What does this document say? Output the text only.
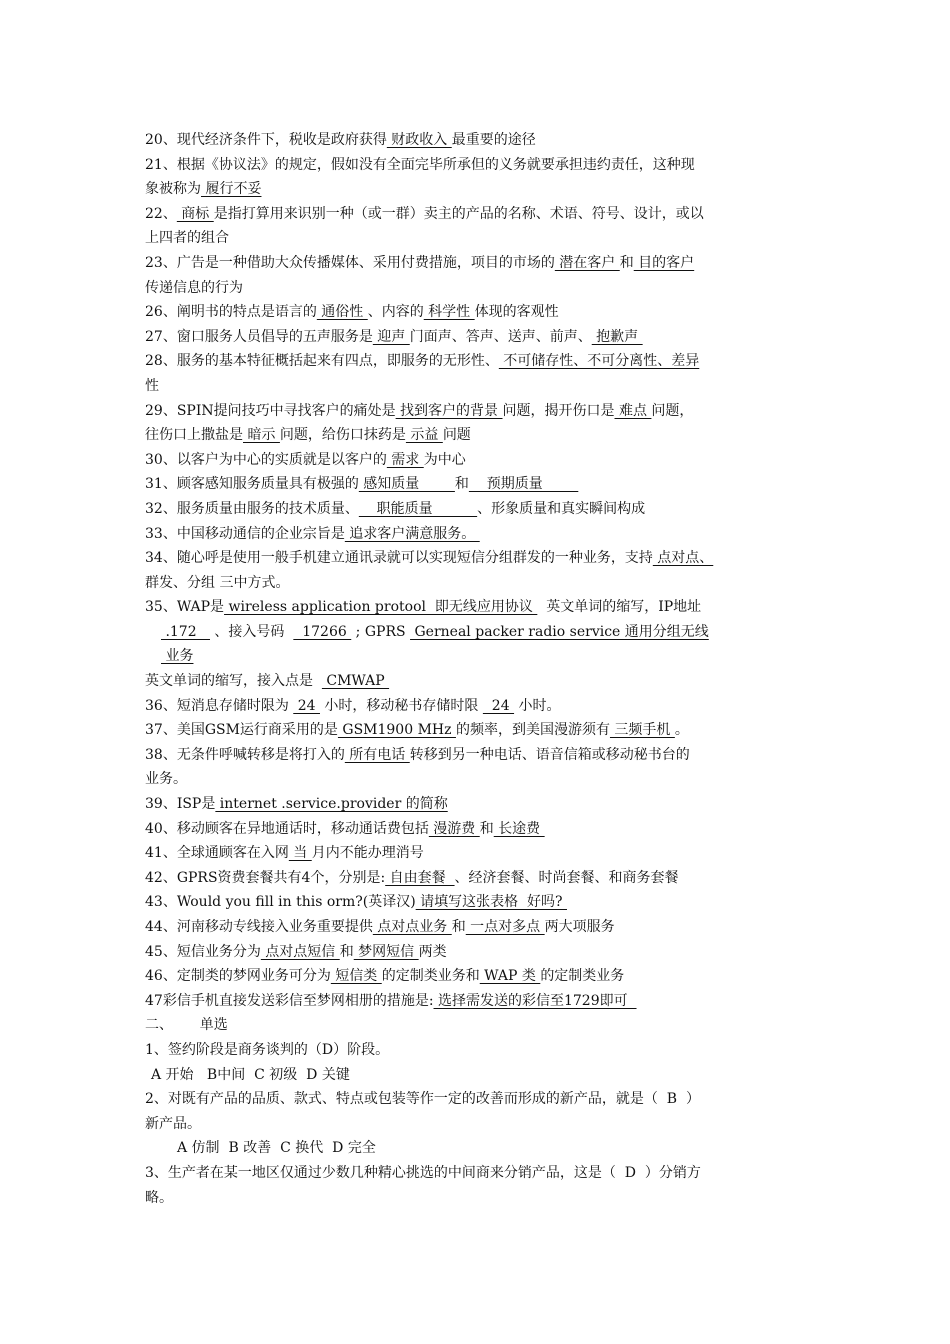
20、现代经济条件下，税收是政府获得 财政收入 最重要的途径
21、根据《协议法》的规定，假如没有全面完毕所承但的义务就要承担违约责任，这种现
象被称为 履行不妥
22、 商标 是指打算用来识别一种（或一群）卖主的产品的名称、术语、符号、设计，或以
上四者的组合
23、广告是一种借助大众传播媒体、采用付费措施，项目的市场的 潜在客户 和 目的客户
传递信息的行为
26、阐明书的特点是语言的 通俗性 、内容的 科学性 体现的客观性
27、窗口服务人员倡导的五声服务是 迎声 门面声、答声、送声、前声、 抱歉声
28、服务的基本特征概括起来有四点，即服务的无形性、 不可储存性、不可分离性、差异
性
29、SPIN提问技巧中寻找客户的痛处是 找到客户的背景 问题，揭开伤口是 难点 问题，
往伤口上撒盐是 暗示 问题，给伤口抹药是 示益 问题
30、以客户为中心的实质就是以客户的 需求 为中心
31、顾客感知服务质量具有极强的 感知质量        和    预期质量
32、服务质量由服务的技术质量、    职能质量          、形象质量和真实瞬间构成
33、中国移动通信的企业宗旨是 追求客户满意服务。
34、随心呼是使用一般手机建立通讯录就可以实现短信分组群发的一种业务，支持 点对点、
群发、分组 三中方式。
35、WAP是 wireless application protool  即无线应用协议   英文单词的缩写，IP地址
.172    、接入号码    17266  ; GPRS  Gerneal packer radio service 通用分组无线
业务
英文单词的缩写，接入点是   CMWAP
36、短消息存储时限为  24  小时，移动秘书存储时限   24  小时。
37、美国GSM运行商采用的是 GSM1900 MHz 的频率，到美国漫游须有 三频手机 。
38、无条件呼喊转移是将打入的 所有电话 转移到另一种电话、语音信箱或移动秘书台的
业务。
39、ISP是 internet .service.provider 的简称
40、移动顾客在异地通话时，移动通话费包括 漫游费 和 长途费
41、全球通顾客在入网 当 月内不能办理消号
42、GPRS资费套餐共有4个，分别是: 自由套餐  、经济套餐、时尚套餐、和商务套餐
43、Would you fill in this orm?(英译汉) 请填写这张表格  好吗?
44、河南移动专线接入业务重要提供 点对点业务 和 一点对多点 两大项服务
45、短信业务分为 点对点短信 和 梦网短信 两类
46、定制类的梦网业务可分为 短信类 的定制类业务和 WAP 类 的定制类业务
47彩信手机直接发送彩信至梦网相册的措施是: 选择需发送的彩信至1729即可
二、      单选
1、签约阶段是商务谈判的（D）阶段。
A 开始   B中间  C 初级  D 关键
2、对既有产品的品质、款式、特点或包装等作一定的改善而形成的新产品，就是（  B  ）
新产品。
A 仿制  B 改善  C 换代  D 完全
3、生产者在某一地区仅通过少数几种精心挑选的中间商来分销产品，这是（  D  ）分销方
略。
